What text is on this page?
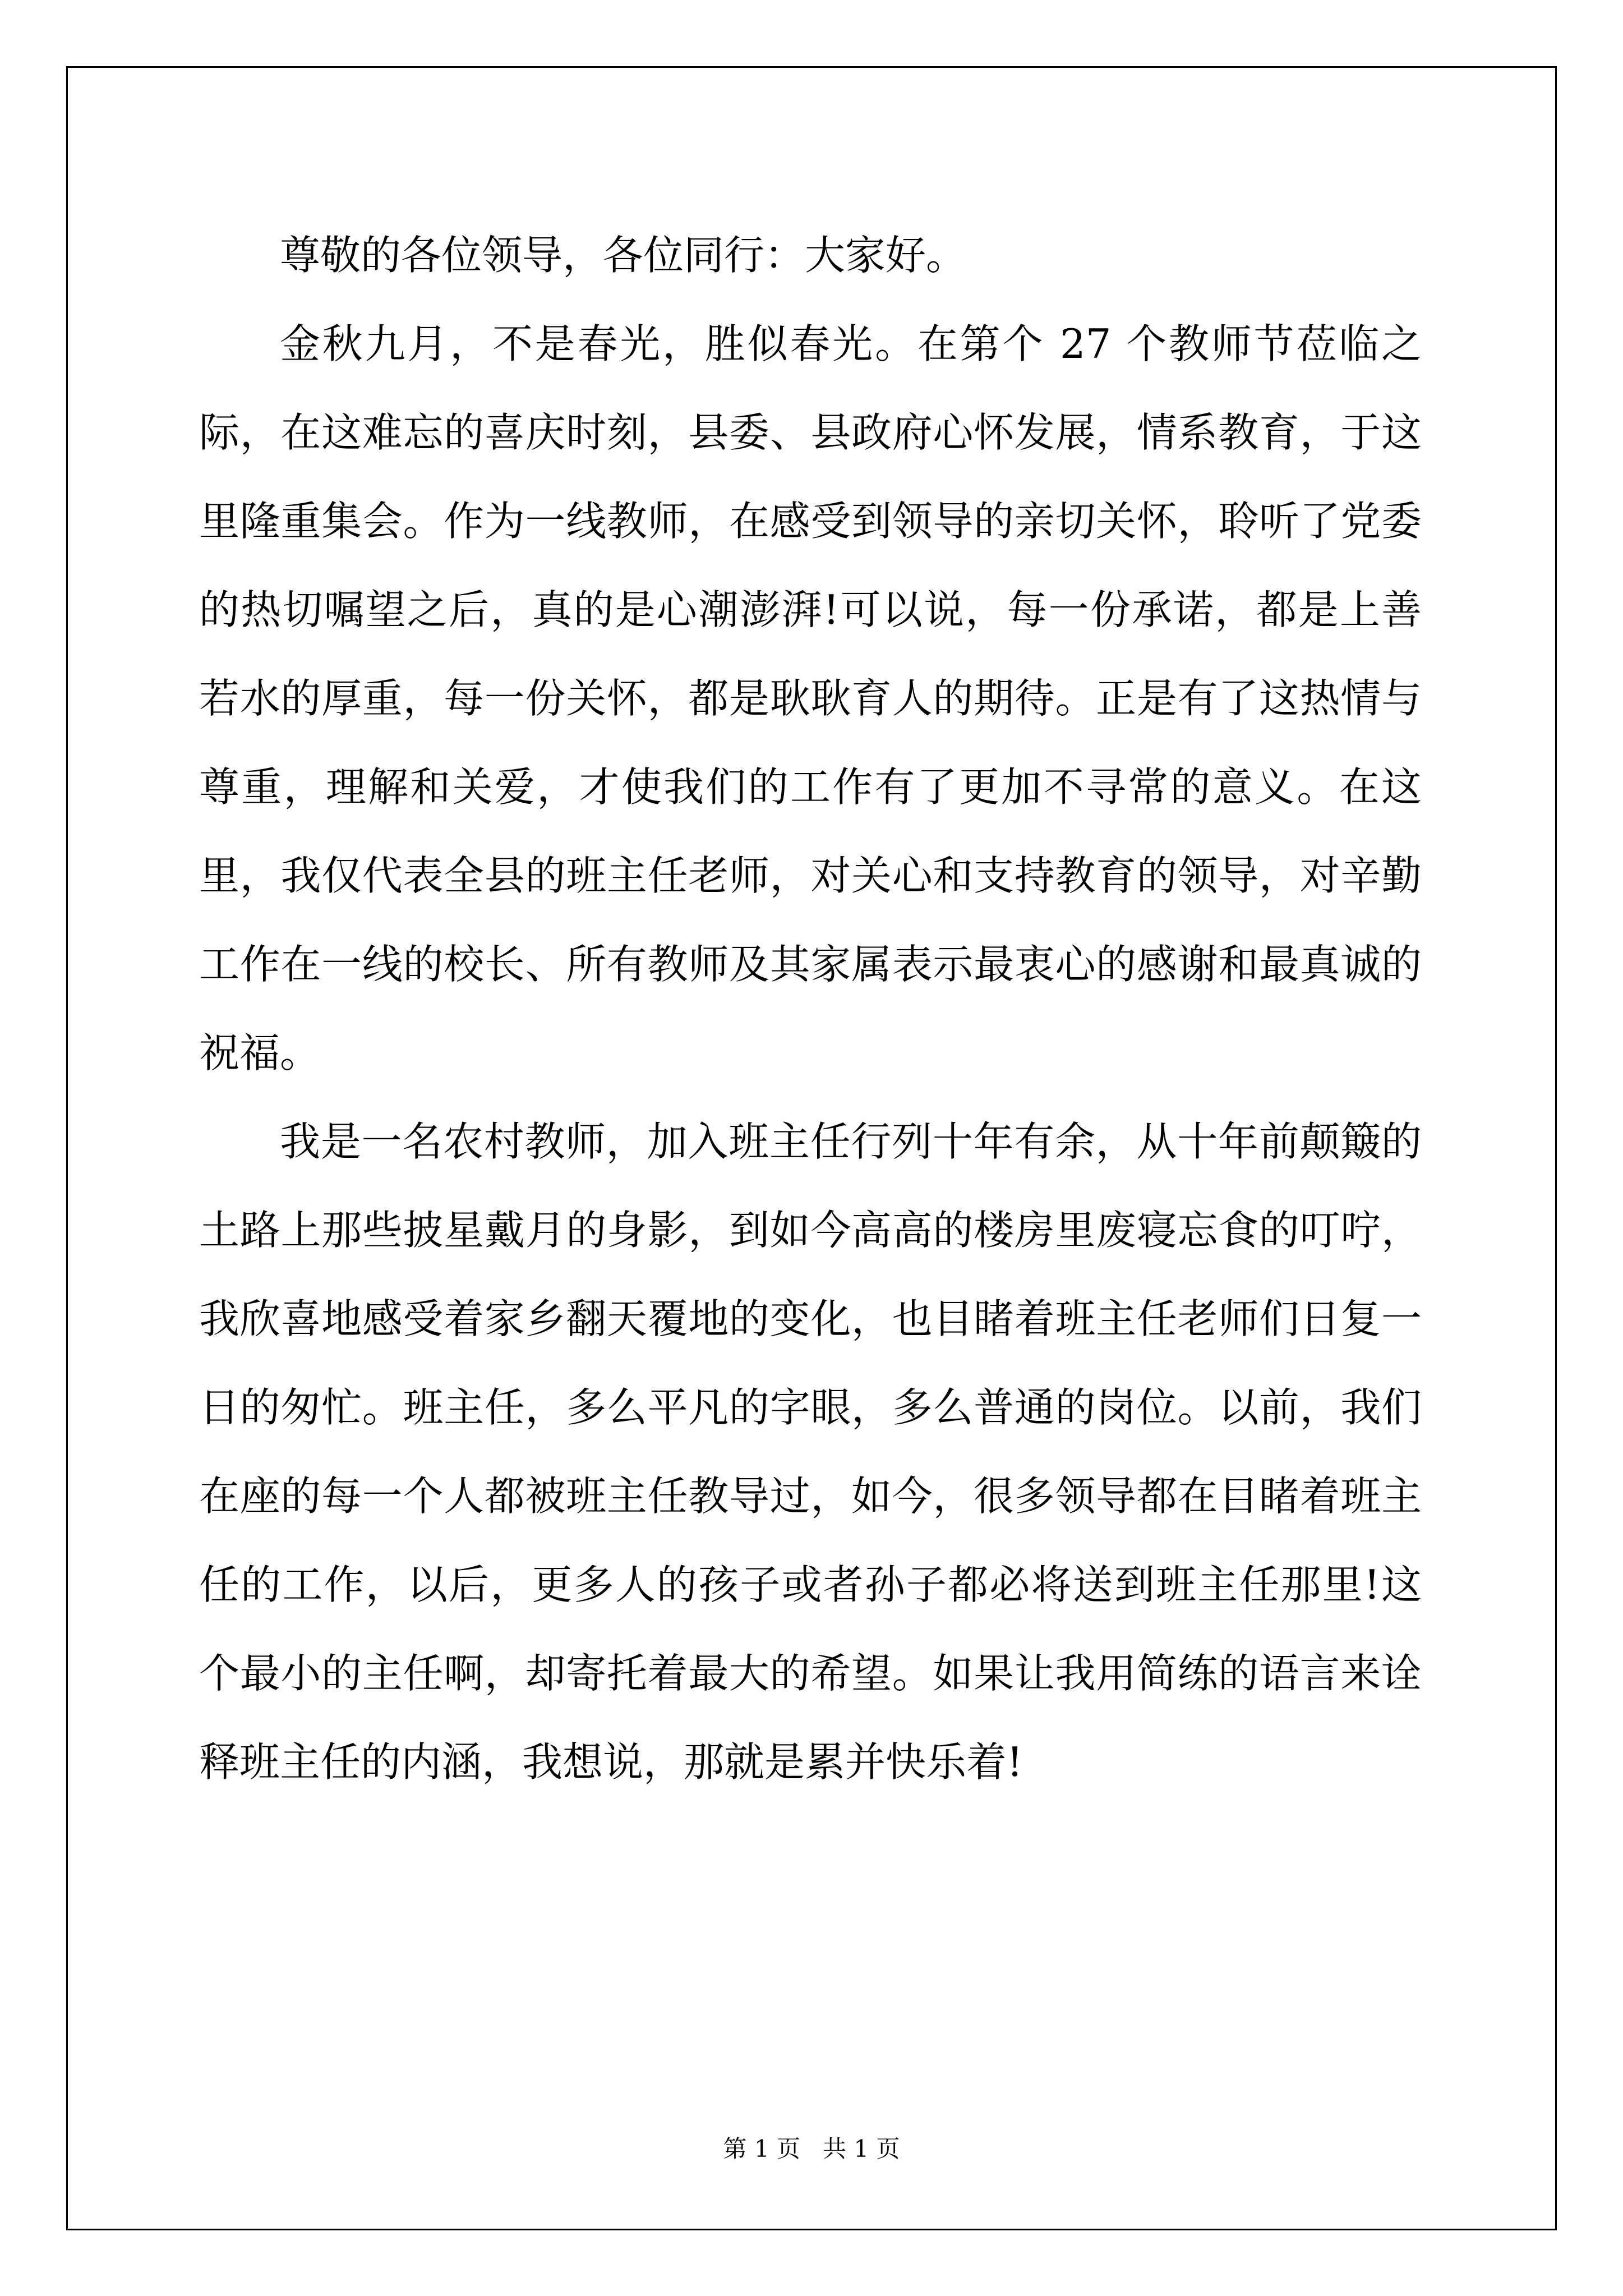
尊敬的各位领导，各位同行：大家好。

金秋九月，不是春光，胜似春光。在第个 27 个教师节莅临之际，在这难忘的喜庆时刻，县委、县政府心怀发展，情系教育，于这里隆重集会。作为一线教师，在感受到领导的亲切关怀，聆听了党委的热切嘱望之后，真的是心潮澎湃!可以说，每一份承诺，都是上善若水的厚重，每一份关怀，都是耿耿育人的期待。正是有了这热情与尊重，理解和关爱，才使我们的工作有了更加不寻常的意义。在这里，我仅代表全县的班主任老师，对关心和支持教育的领导，对辛勤工作在一线的校长、所有教师及其家属表示最衷心的感谢和最真诚的祝福。

我是一名农村教师，加入班主任行列十年有余，从十年前颠簸的土路上那些披星戴月的身影，到如今高高的楼房里废寝忘食的叮咛，我欣喜地感受着家乡翻天覆地的变化，也目睹着班主任老师们日复一日的匆忙。班主任，多么平凡的字眼，多么普通的岗位。以前，我们在座的每一个人都被班主任教导过，如今，很多领导都在目睹着班主任的工作，以后，更多人的孩子或者孙子都必将送到班主任那里!这个最小的主任啊，却寄托着最大的希望。如果让我用简练的语言来诠释班主任的内涵，我想说，那就是累并快乐着!

第 1 页   共 1 页
